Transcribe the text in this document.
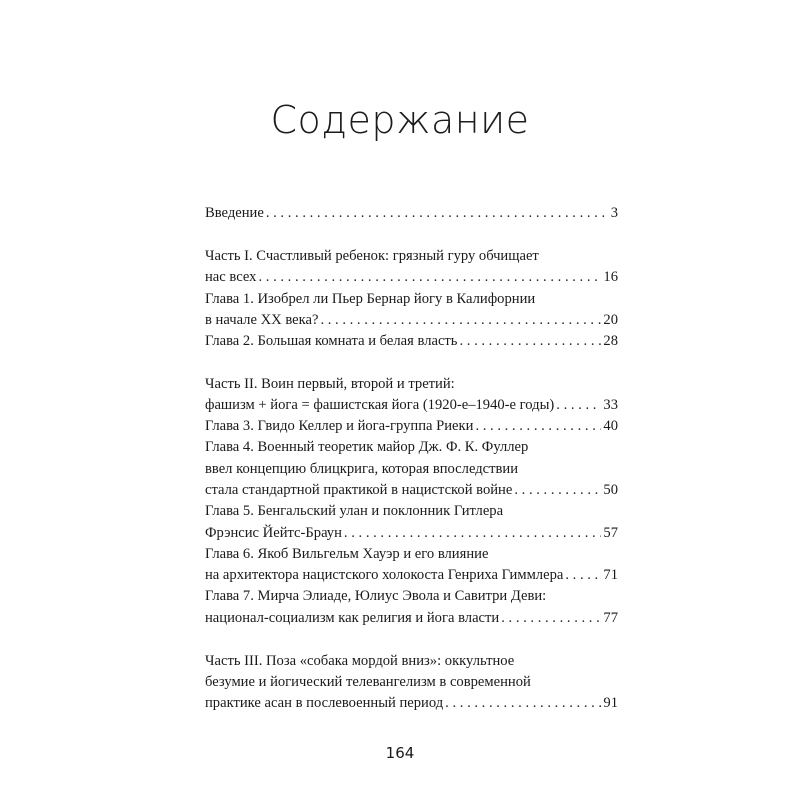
Содержание
Введение . . .	3
Часть I. Счастливый ребенок: грязный гуру обчищает
нас всех . . .	16
Глава 1. Изобрел ли Пьер Бернар йогу в Калифорнии
в начале XX века? . . .	20
Глава 2. Большая комната и белая власть . . .	28
Часть II. Воин первый, второй и третий:
фашизм + йога = фашистская йога (1920-е–1940-е годы) . . .	33
Глава 3. Гвидо Келлер и йога-группа Риеки . . .	40
Глава 4. Военный теоретик майор Дж. Ф. К. Фуллер
ввел концепцию блицкрига, которая впоследствии
стала стандартной практикой в нацистской войне . . .	50
Глава 5. Бенгальский улан и поклонник Гитлера
Фрэнсис Йейтс-Браун . . .	57
Глава 6. Якоб Вильгельм Хауэр и его влияние
на архитектора нацистского холокоста Генриха Гиммлера . . .	71
Глава 7. Мирча Элиаде, Юлиус Эвола и Савитри Деви:
национал-социализм как религия и йога власти . . .	77
Часть III. Поза «собака мордой вниз»: оккультное
безумие и йогический телевангелизм в современной
практике асан в послевоенный период . . .	91
164
